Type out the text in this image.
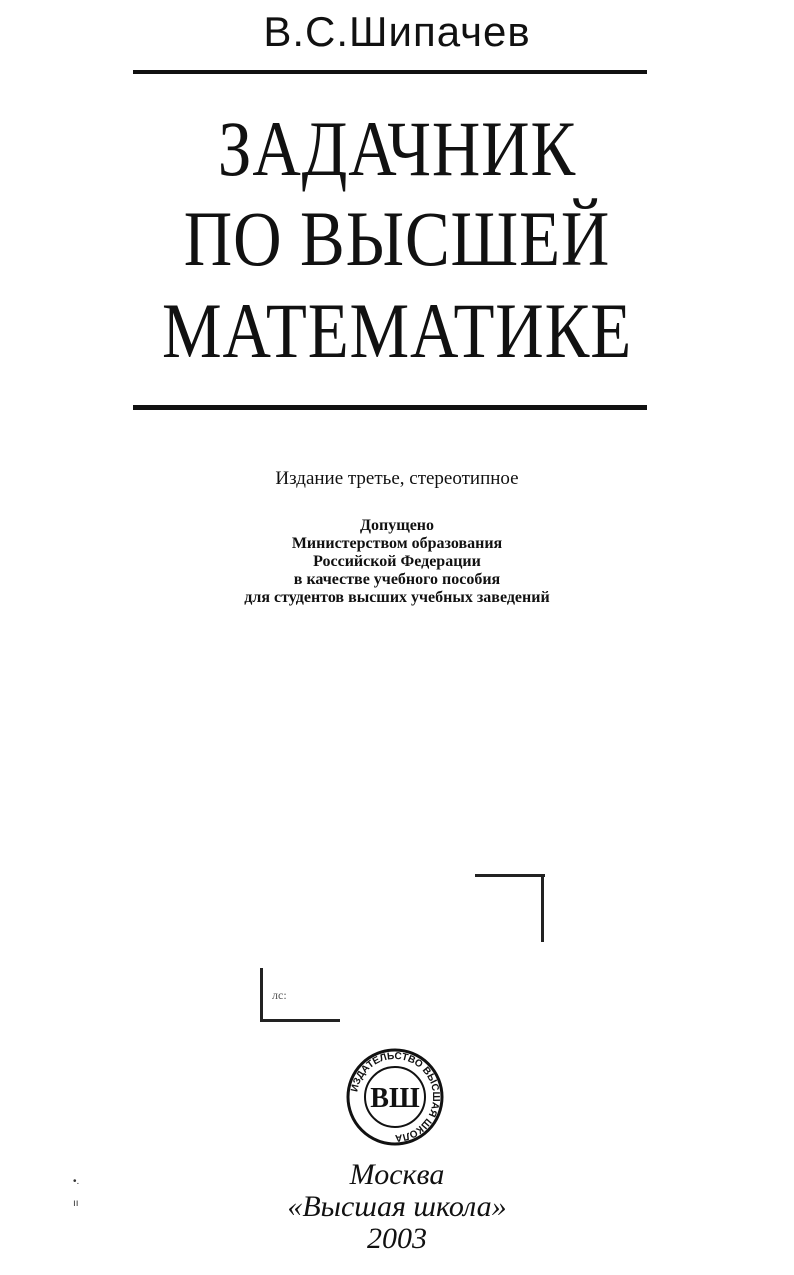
В.С.Шипачев
ЗАДАЧНИК
ПО ВЫСШЕЙ
МАТЕМАТИКЕ
Издание третье, стереотипное
Допущено
Министерством образования
Российской Федерации
в качестве учебного пособия
для студентов высших учебных заведений
лс:
ИЗДАТЕЛЬСТВО ВЫСШАЯ ШКОЛА
ВШ
Москва
«Высшая школа»
2003
•.
ıı
